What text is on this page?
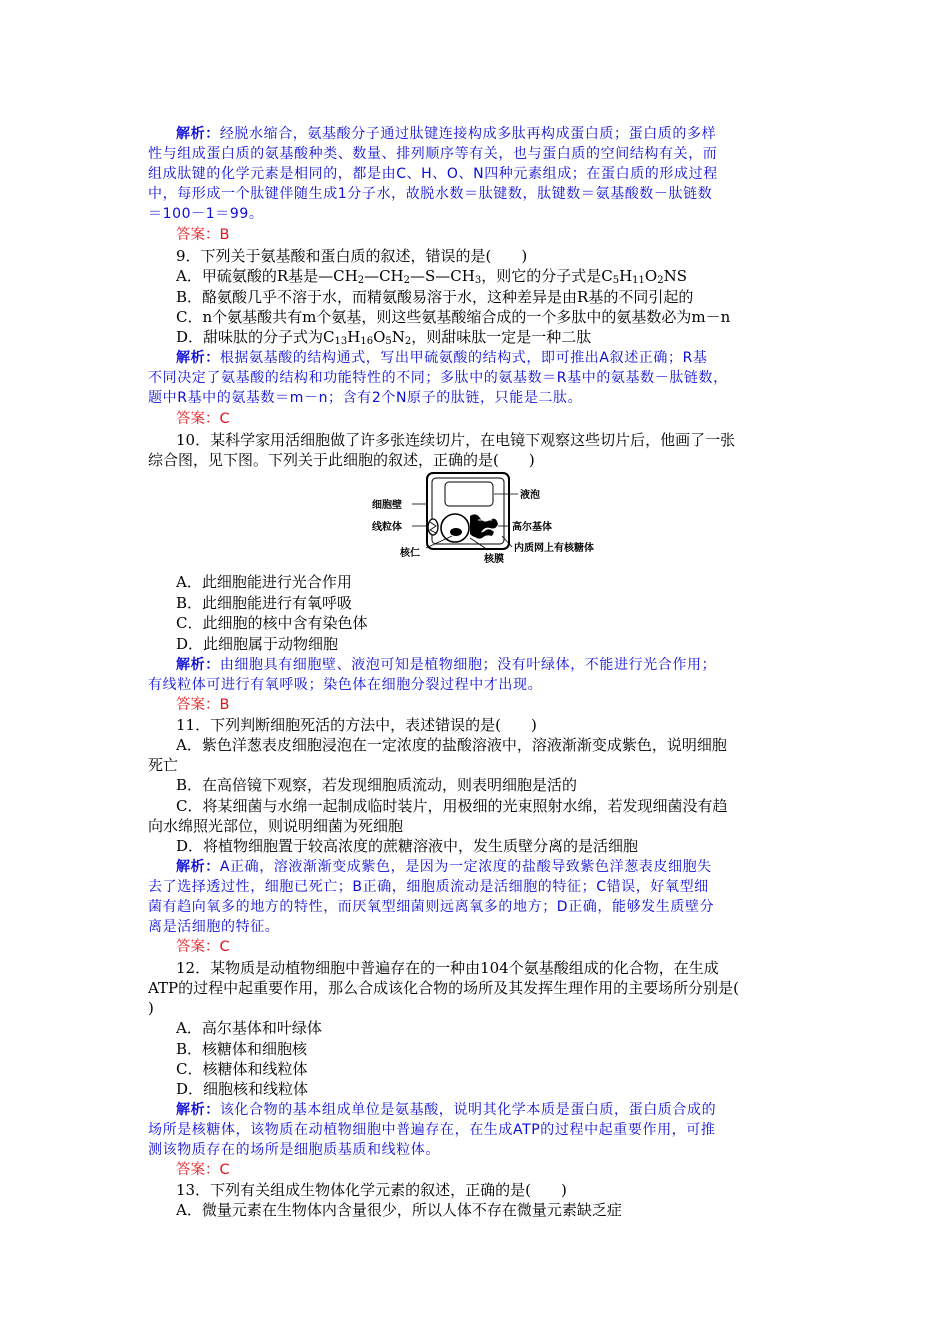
解析：经脱水缩合，氨基酸分子通过肽键连接构成多肽再构成蛋白质；蛋白质的多样
性与组成蛋白质的氨基酸种类、数量、排列顺序等有关，也与蛋白质的空间结构有关，而
组成肽键的化学元素是相同的，都是由C、H、O、N四种元素组成；在蛋白质的形成过程
中，每形成一个肽键伴随生成1分子水，故脱水数＝肽键数，肽键数＝氨基酸数－肽链数
＝100－1＝99。
答案：B
9．下列关于氨基酸和蛋白质的叙述，错误的是(　　)
A．甲硫氨酸的R基是$—CH_2—CH_2—S—CH_3$，则它的分子式是$C_5H_{11}O_2NS$
B．酪氨酸几乎不溶于水，而精氨酸易溶于水，这种差异是由R基的不同引起的
C．n个氨基酸共有m个氨基，则这些氨基酸缩合成的一个多肽中的氨基数必为m－n
D．甜味肽的分子式为$C_{13}H_{16}O_5N_2$，则甜味肽一定是一种二肽
解析：根据氨基酸的结构通式，写出甲硫氨酸的结构式，即可推出A叙述正确；R基
不同决定了氨基酸的结构和功能特性的不同；多肽中的氨基数＝R基中的氨基数－肽链数，
题中R基中的氨基数＝m－n；含有2个N原子的肽链，只能是二肽。
答案：C
10．某科学家用活细胞做了许多张连续切片，在电镜下观察这些切片后，他画了一张
综合图，见下图。下列关于此细胞的叙述，正确的是(　　)
细胞壁
线粒体
核仁
液泡
高尔基体
核膜
内质网上有核糖体
A．此细胞能进行光合作用
B．此细胞能进行有氧呼吸
C．此细胞的核中含有染色体
D．此细胞属于动物细胞
解析：由细胞具有细胞壁、液泡可知是植物细胞；没有叶绿体，不能进行光合作用；
有线粒体可进行有氧呼吸；染色体在细胞分裂过程中才出现。
答案：B
11．下列判断细胞死活的方法中，表述错误的是(　　)
A．紫色洋葱表皮细胞浸泡在一定浓度的盐酸溶液中，溶液渐渐变成紫色，说明细胞
死亡
B．在高倍镜下观察，若发现细胞质流动，则表明细胞是活的
C．将某细菌与水绵一起制成临时装片，用极细的光束照射水绵，若发现细菌没有趋
向水绵照光部位，则说明细菌为死细胞
D．将植物细胞置于较高浓度的蔗糖溶液中，发生质壁分离的是活细胞
解析：A正确，溶液渐渐变成紫色，是因为一定浓度的盐酸导致紫色洋葱表皮细胞失
去了选择透过性，细胞已死亡；B正确，细胞质流动是活细胞的特征；C错误，好氧型细
菌有趋向氧多的地方的特性，而厌氧型细菌则远离氧多的地方；D正确，能够发生质壁分
离是活细胞的特征。
答案：C
12．某物质是动植物细胞中普遍存在的一种由104个氨基酸组成的化合物，在生成
ATP的过程中起重要作用，那么合成该化合物的场所及其发挥生理作用的主要场所分别是(
)
A．高尔基体和叶绿体
B．核糖体和细胞核
C．核糖体和线粒体
D．细胞核和线粒体
解析：该化合物的基本组成单位是氨基酸，说明其化学本质是蛋白质，蛋白质合成的
场所是核糖体，该物质在动植物细胞中普遍存在，在生成ATP的过程中起重要作用，可推
测该物质存在的场所是细胞质基质和线粒体。
答案：C
13．下列有关组成生物体化学元素的叙述，正确的是(　　)
A．微量元素在生物体内含量很少，所以人体不存在微量元素缺乏症
